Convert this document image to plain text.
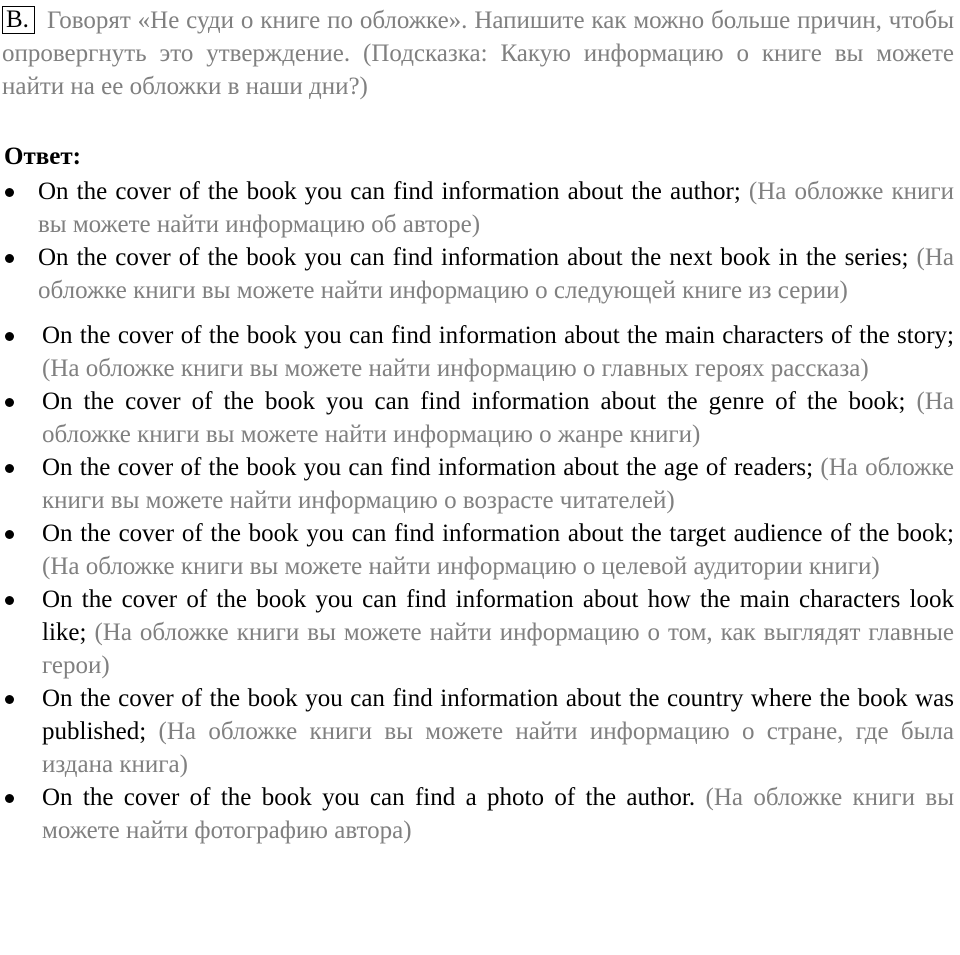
B. Говорят «Не суди о книге по обложке». Напишите как можно больше причин, чтобы опровергнуть это утверждение. (Подсказка: Какую информацию о книге вы можете найти на ее обложки в наши дни?)

Ответ:
On the cover of the book you can find information about the author; (На обложке книги вы можете найти информацию об авторе)
On the cover of the book you can find information about the next book in the series; (На обложке книги вы можете найти информацию о следующей книге из серии)
On the cover of the book you can find information about the main characters of the story; (На обложке книги вы можете найти информацию о главных героях рассказа)
On the cover of the book you can find information about the genre of the book; (На обложке книги вы можете найти информацию о жанре книги)
On the cover of the book you can find information about the age of readers; (На обложке книги вы можете найти информацию о возрасте читателей)
On the cover of the book you can find information about the target audience of the book; (На обложке книги вы можете найти информацию о целевой аудитории книги)
On the cover of the book you can find information about how the main characters look like; (На обложке книги вы можете найти информацию о том, как выглядят главные герои)
On the cover of the book you can find information about the country where the book was published; (На обложке книги вы можете найти информацию о стране, где была издана книга)
On the cover of the book you can find a photo of the author. (На обложке книги вы можете найти фотографию автора)
